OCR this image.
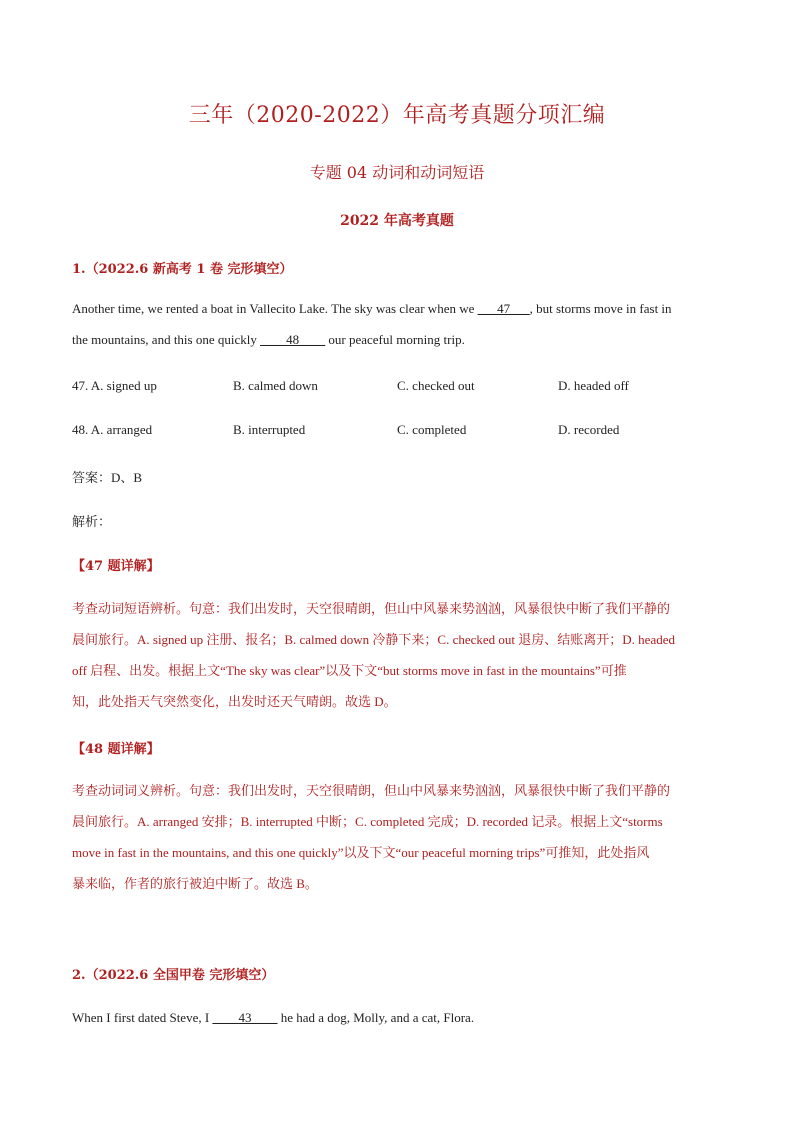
三年（2020-2022）年高考真题分项汇编
专题 04 动词和动词短语
2022 年高考真题
1.（2022.6 新高考 1 卷 完形填空）
Another time, we rented a boat in Vallecito Lake. The sky was clear when we ___47___, but storms move in fast in
the mountains, and this one quickly ____48____ our peaceful morning trip.
47. A. signed up	B. calmed down	C. checked out	D. headed off
48. A. arranged	B. interrupted	C. completed	D. recorded
答案：D、B
解析：
【47 题详解】
考查动词短语辨析。句意：我们出发时，天空很晴朗，但山中风暴来势汹汹，风暴很快中断了我们平静的
晨间旅行。A. signed up 注册、报名；B. calmed down 冷静下来；C. checked out 退房、结账离开；D. headed
off 启程、出发。根据上文“The sky was clear”以及下文“but storms move in fast in the mountains”可推
知，此处指天气突然变化，出发时还天气晴朗。故选 D。
【48 题详解】
考查动词词义辨析。句意：我们出发时，天空很晴朗，但山中风暴来势汹汹，风暴很快中断了我们平静的
晨间旅行。A. arranged 安排；B. interrupted 中断；C. completed 完成；D. recorded 记录。根据上文“storms
move in fast in the mountains, and this one quickly”以及下文“our peaceful morning trips”可推知，此处指风
暴来临，作者的旅行被迫中断了。故选 B。
2.（2022.6 全国甲卷 完形填空）
When I first dated Steve, I ____43____ he had a dog, Molly, and a cat, Flora.
